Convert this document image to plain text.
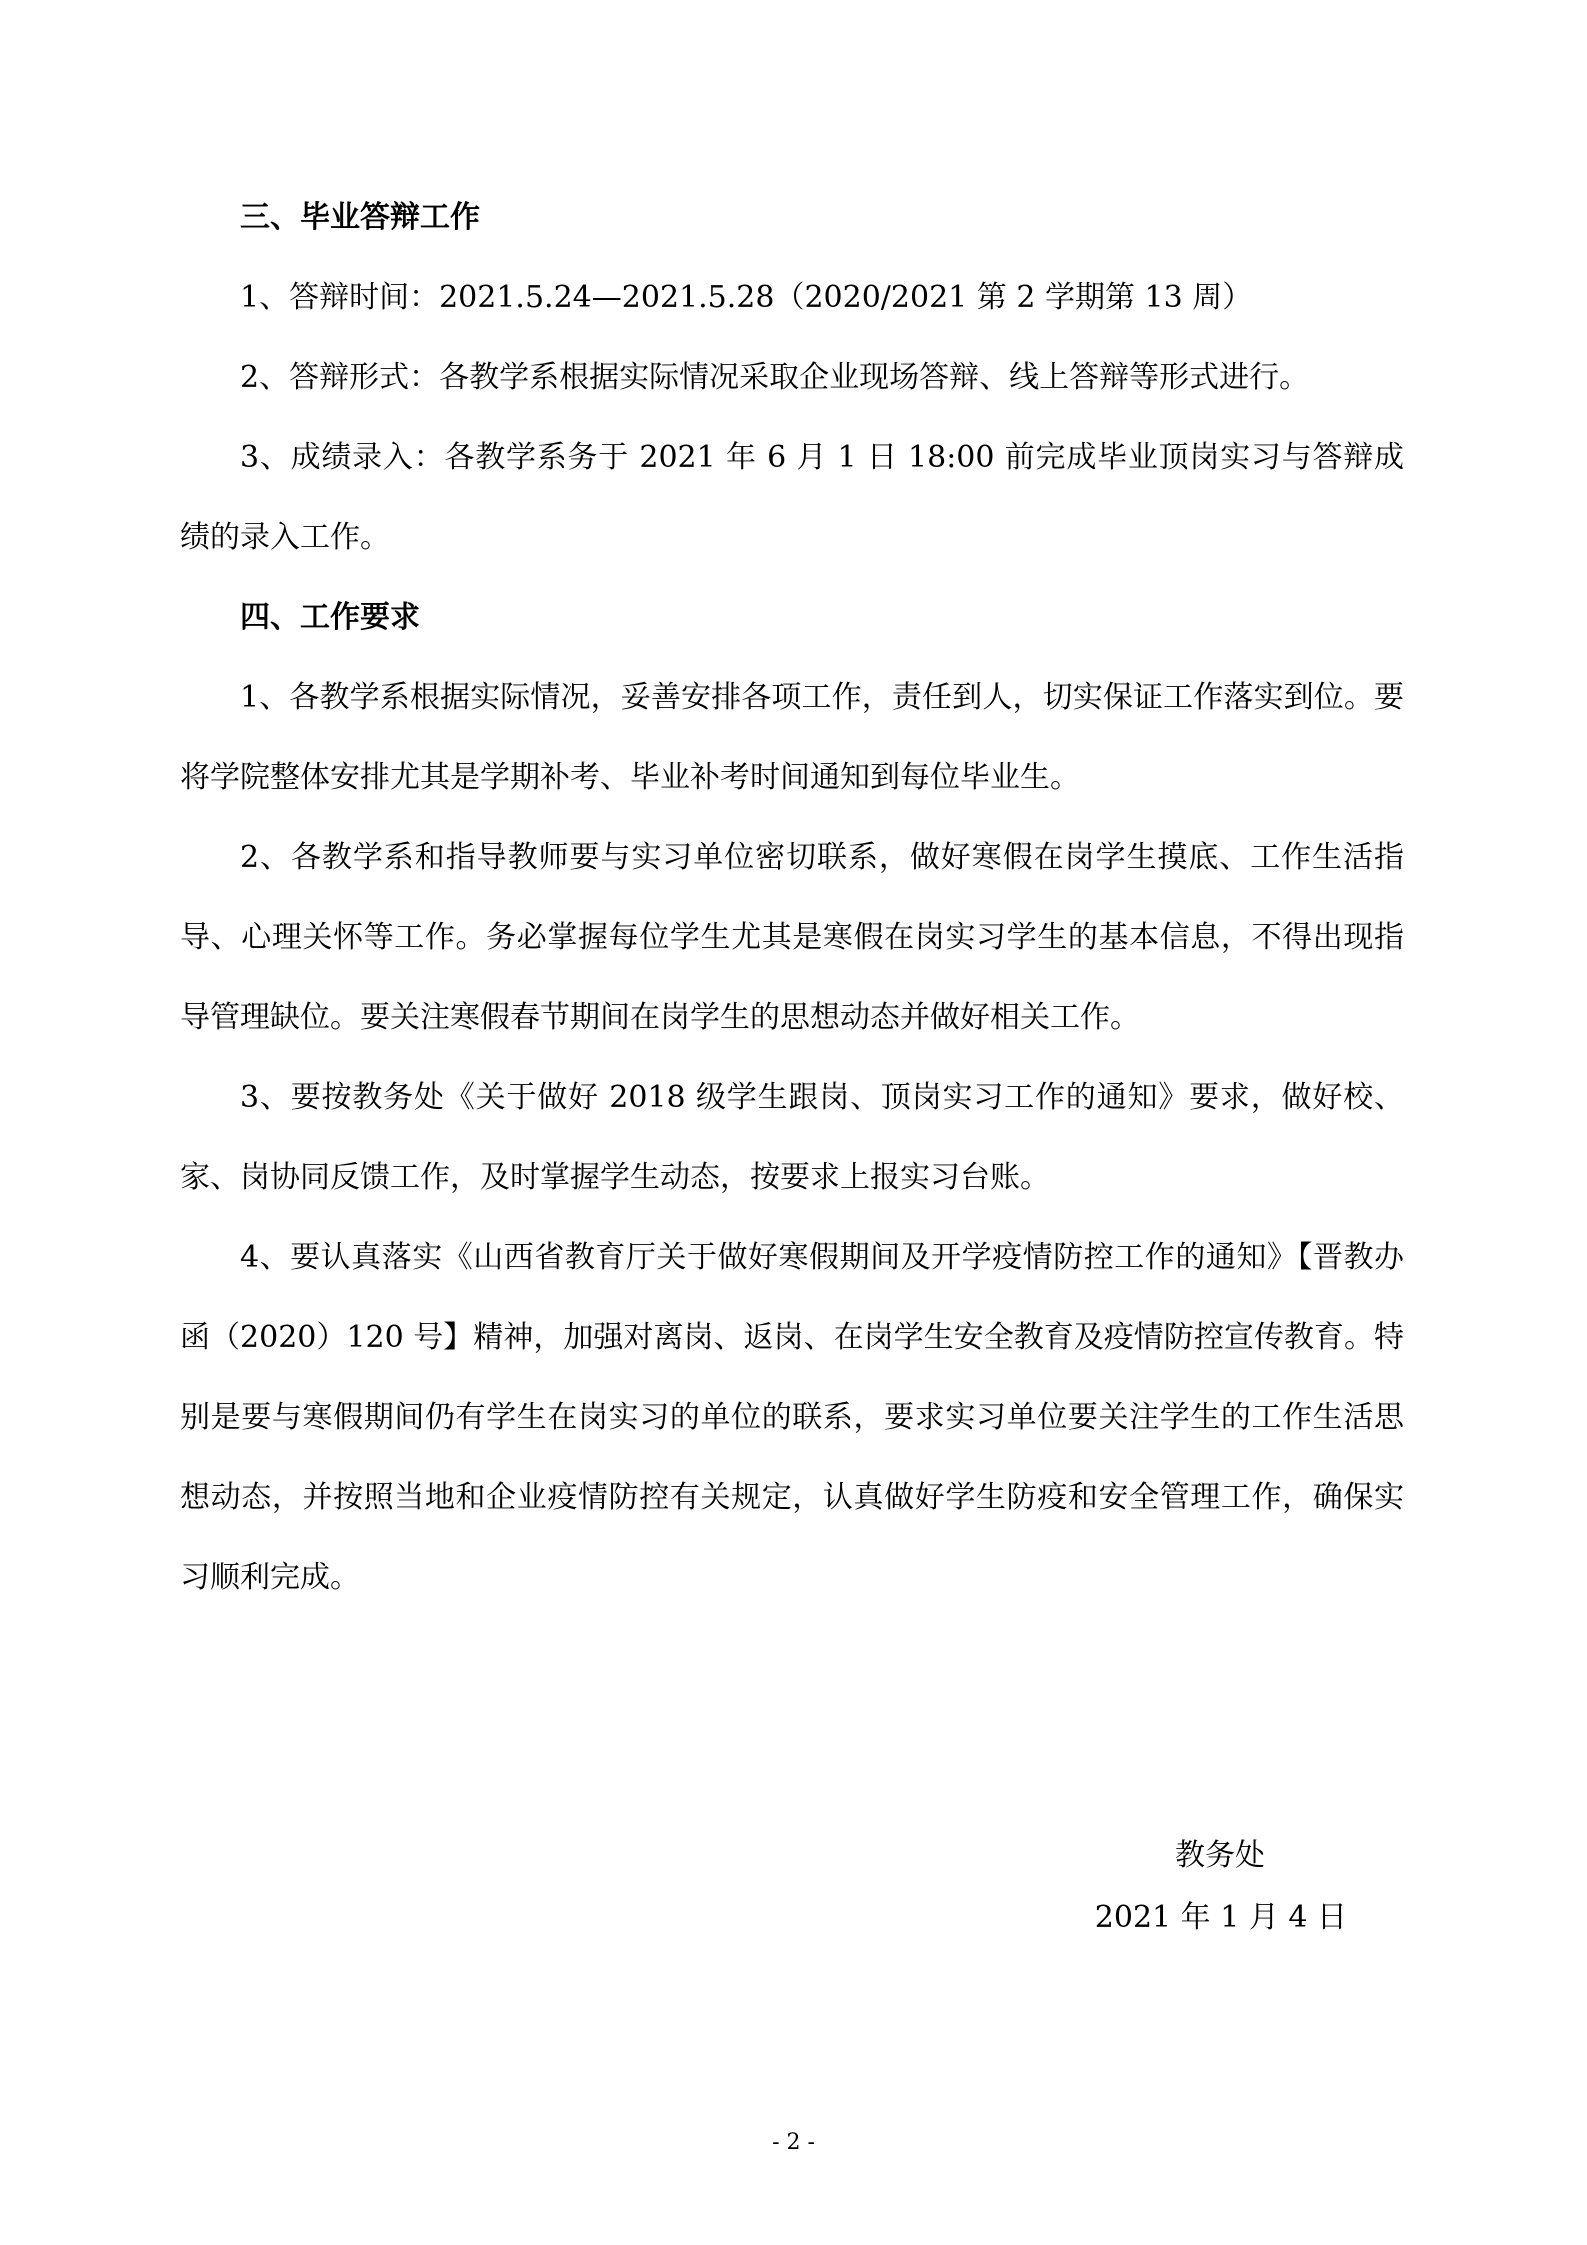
三、毕业答辩工作

1、答辩时间：2021.5.24—2021.5.28（2020/2021 第 2 学期第 13 周）

2、答辩形式：各教学系根据实际情况采取企业现场答辩、线上答辩等形式进行。

3、成绩录入：各教学系务于 2021 年 6 月 1 日 18:00 前完成毕业顶岗实习与答辩成绩的录入工作。

四、工作要求

1、各教学系根据实际情况，妥善安排各项工作，责任到人，切实保证工作落实到位。要将学院整体安排尤其是学期补考、毕业补考时间通知到每位毕业生。

2、各教学系和指导教师要与实习单位密切联系，做好寒假在岗学生摸底、工作生活指导、心理关怀等工作。务必掌握每位学生尤其是寒假在岗实习学生的基本信息，不得出现指导管理缺位。要关注寒假春节期间在岗学生的思想动态并做好相关工作。

3、要按教务处《关于做好 2018 级学生跟岗、顶岗实习工作的通知》要求，做好校、家、岗协同反馈工作，及时掌握学生动态，按要求上报实习台账。

4、要认真落实《山西省教育厅关于做好寒假期间及开学疫情防控工作的通知》【晋教办函（2020）120 号】精神，加强对离岗、返岗、在岗学生安全教育及疫情防控宣传教育。特别是要与寒假期间仍有学生在岗实习的单位的联系，要求实习单位要关注学生的工作生活思想动态，并按照当地和企业疫情防控有关规定，认真做好学生防疫和安全管理工作，确保实习顺利完成。

教务处
2021 年 1 月 4 日
- 2 -
